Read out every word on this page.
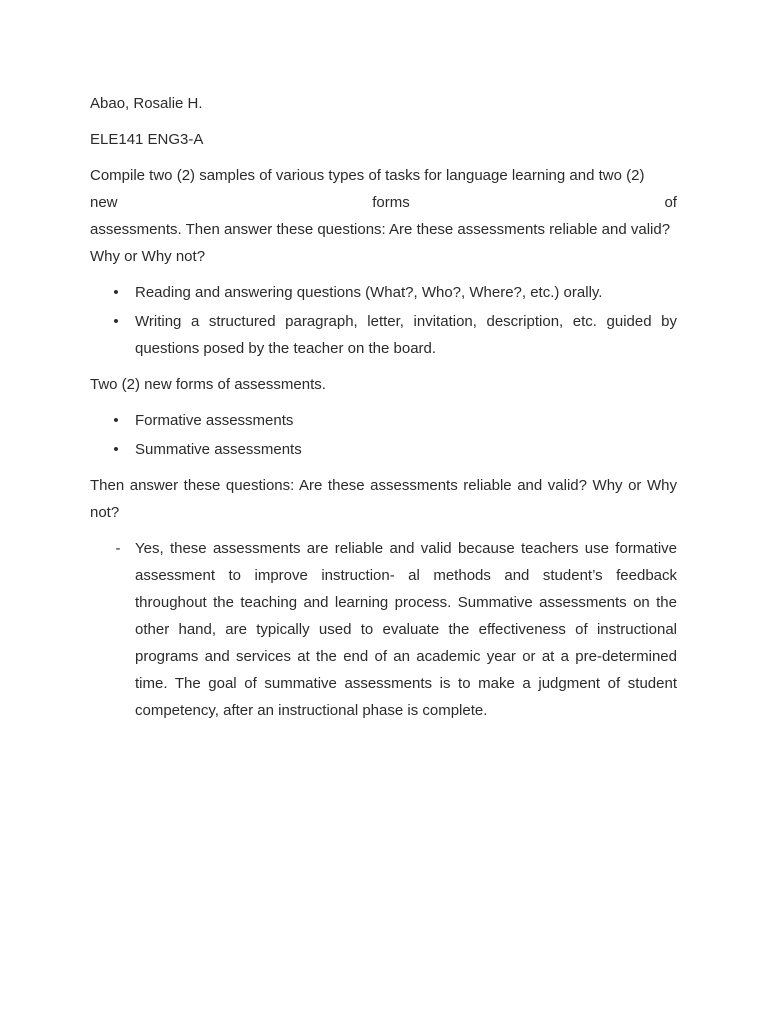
Abao, Rosalie H.

ELE141 ENG3-A

Compile two (2) samples of various types of tasks for language learning and two (2)

new	forms	of

assessments. Then answer these questions: Are these assessments reliable and valid?

Why or Why not?

• Reading and answering questions (What?, Who?, Where?, etc.) orally.
• Writing a structured paragraph, letter, invitation, description, etc. guided by questions posed by the teacher on the board.

Two (2) new forms of assessments.

• Formative assessments
• Summative assessments

Then answer these questions: Are these assessments reliable and valid? Why or Why not?

- Yes, these assessments are reliable and valid because teachers use formative assessment to improve instruction- al methods and student’s feedback throughout the teaching and learning process. Summative assessments on the other hand, are typically used to evaluate the effectiveness of instructional programs and services at the end of an academic year or at a pre-determined time. The goal of summative assessments is to make a judgment of student competency, after an instructional phase is complete.
